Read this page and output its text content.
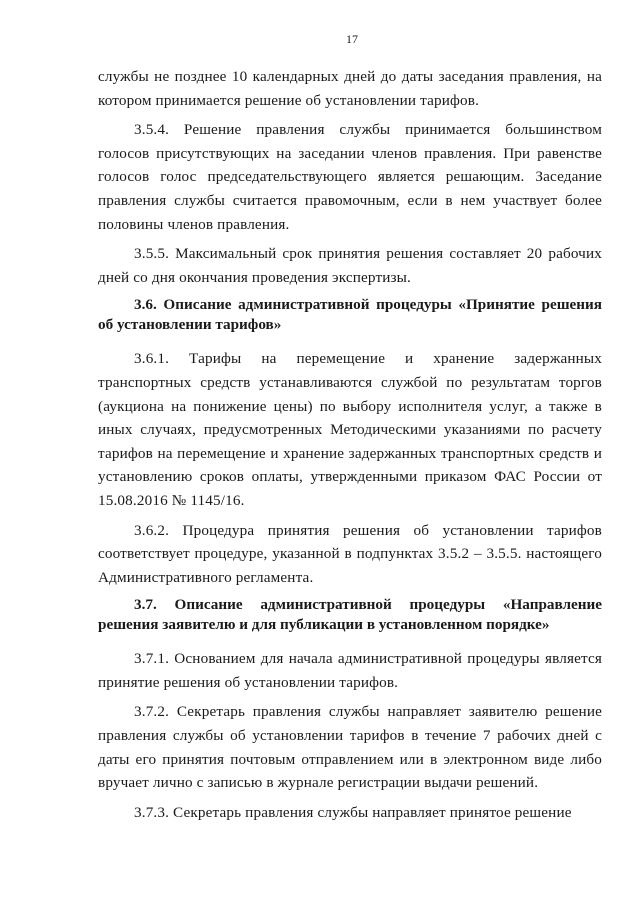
17

службы не позднее 10 календарных дней до даты заседания правления, на котором принимается решение об установлении тарифов.

3.5.4. Решение правления службы принимается большинством голосов присутствующих на заседании членов правления. При равенстве голосов голос председательствующего является решающим. Заседание правления службы считается правомочным, если в нем участвует более половины членов правления.

3.5.5. Максимальный срок принятия решения составляет 20 рабочих дней со дня окончания проведения экспертизы.

3.6. Описание административной процедуры «Принятие решения об установлении тарифов»

3.6.1. Тарифы на перемещение и хранение задержанных транспортных средств устанавливаются службой по результатам торгов (аукциона на понижение цены) по выбору исполнителя услуг, а также в иных случаях, предусмотренных Методическими указаниями по расчету тарифов на перемещение и хранение задержанных транспортных средств и установлению сроков оплаты, утвержденными приказом ФАС России от 15.08.2016 № 1145/16.

3.6.2. Процедура принятия решения об установлении тарифов соответствует процедуре, указанной в подпунктах 3.5.2 – 3.5.5. настоящего Административного регламента.

3.7. Описание административной процедуры «Направление решения заявителю и для публикации в установленном порядке»

3.7.1. Основанием для начала административной процедуры является принятие решения об установлении тарифов.

3.7.2. Секретарь правления службы направляет заявителю решение правления службы об установлении тарифов в течение 7 рабочих дней с даты его принятия почтовым отправлением или в электронном виде либо вручает лично с записью в журнале регистрации выдачи решений.

3.7.3. Секретарь правления службы направляет принятое решение
